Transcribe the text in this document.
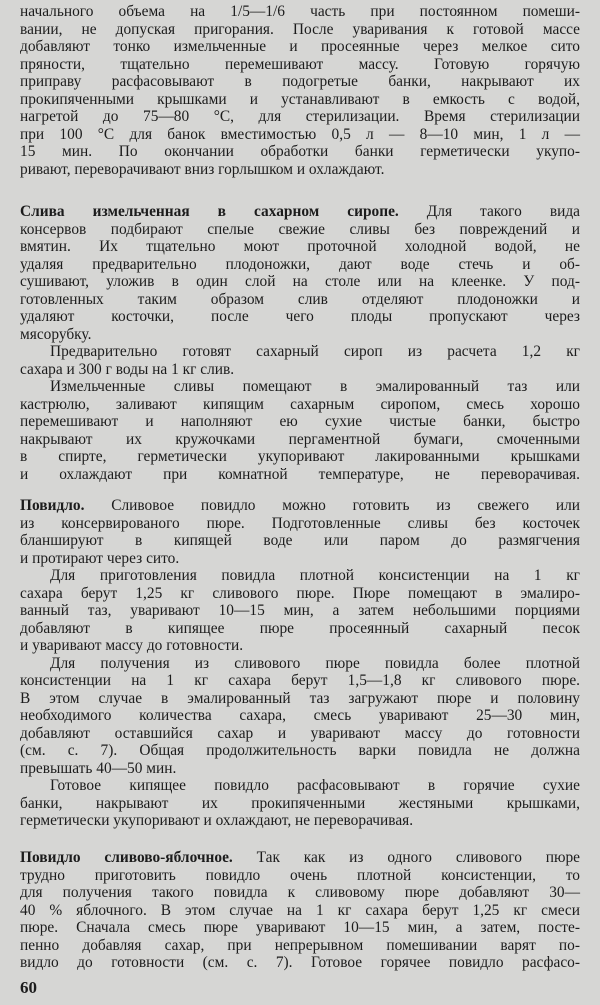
начального объема на 1/5—1/6 часть при постоянном помеши-
вании, не допуская пригорания. После уваривания к готовой массе
добавляют тонко измельченные и просеянные через мелкое сито
пряности, тщательно перемешивают массу. Готовую горячую
приправу расфасовывают в подогретые банки, накрывают их
прокипяченными крышками и устанавливают в емкость с водой,
нагретой до 75—80 °С, для стерилизации. Время стерилизации
при 100 °С для банок вместимостью 0,5 л — 8—10 мин, 1 л —
15 мин. По окончании обработки банки герметически укупо-
ривают, переворачивают вниз горлышком и охлаждают.
Слива измельченная в сахарном сиропе. Для такого вида
консервов подбирают спелые свежие сливы без повреждений и
вмятин. Их тщательно моют проточной холодной водой, не
удаляя предварительно плодоножки, дают воде стечь и об-
сушивают, уложив в один слой на столе или на клеенке. У под-
готовленных таким образом слив отделяют плодоножки и
удаляют косточки, после чего плоды пропускают через
мясорубку.
Предварительно готовят сахарный сироп из расчета 1,2 кг
сахара и 300 г воды на 1 кг слив.
Измельченные сливы помещают в эмалированный таз или
кастрюлю, заливают кипящим сахарным сиропом, смесь хорошо
перемешивают и наполняют ею сухие чистые банки, быстро
накрывают их кружочками пергаментной бумаги, смоченными
в спирте, герметически укупоривают лакированными крышками
и охлаждают при комнатной температуре, не переворачивая.
Повидло. Сливовое повидло можно готовить из свежего или
из консервированого пюре. Подготовленные сливы без косточек
бланшируют в кипящей воде или паром до размягчения
и протирают через сито.
Для приготовления повидла плотной консистенции на 1 кг
сахара берут 1,25 кг сливового пюре. Пюре помещают в эмалиро-
ванный таз, уваривают 10—15 мин, а затем небольшими порциями
добавляют в кипящее пюре просеянный сахарный песок
и уваривают массу до готовности.
Для получения из сливового пюре повидла более плотной
консистенции на 1 кг сахара берут 1,5—1,8 кг сливового пюре.
В этом случае в эмалированный таз загружают пюре и половину
необходимого количества сахара, смесь уваривают 25—30 мин,
добавляют оставшийся сахар и уваривают массу до готовности
(см. с. 7). Общая продолжительность варки повидла не должна
превышать 40—50 мин.
Готовое кипящее повидло расфасовывают в горячие сухие
банки, накрывают их прокипяченными жестяными крышками,
герметически укупоривают и охлаждают, не переворачивая.
Повидло сливово-яблочное. Так как из одного сливового пюре
трудно приготовить повидло очень плотной консистенции, то
для получения такого повидла к сливовому пюре добавляют 30—
40 % яблочного. В этом случае на 1 кг сахара берут 1,25 кг смеси
пюре. Сначала смесь пюре уваривают 10—15 мин, а затем, посте-
пенно добавляя сахар, при непрерывном помешивании варят по-
видло до готовности (см. с. 7). Готовое горячее повидло расфасо-
60
